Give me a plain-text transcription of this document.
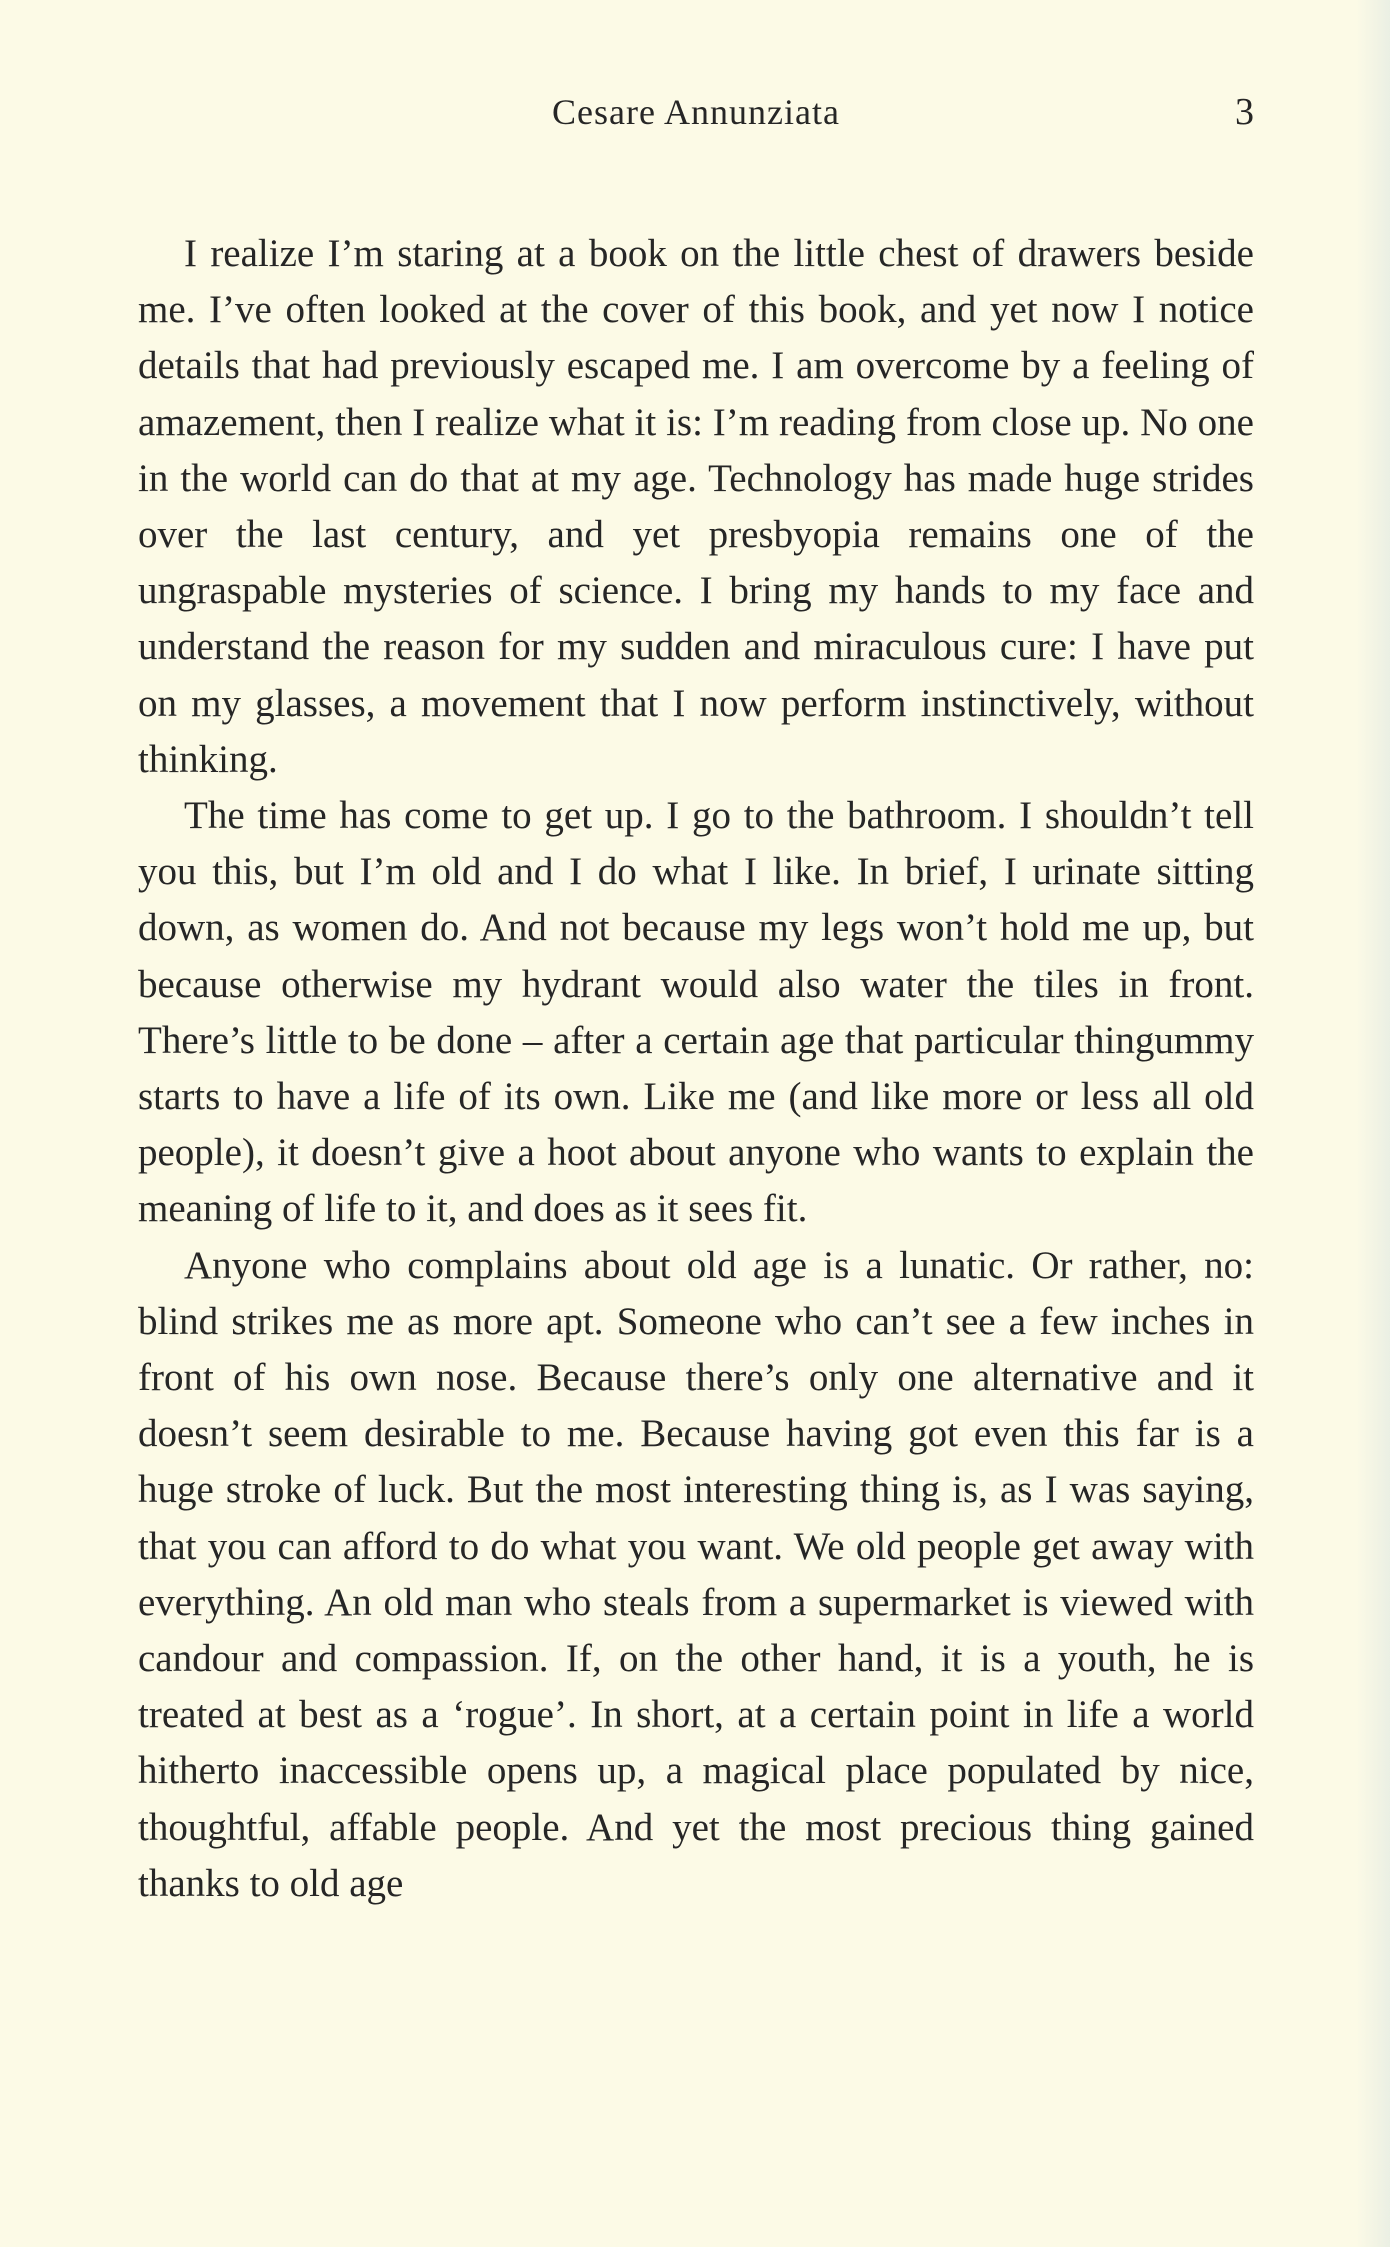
Cesare Annunziata	3

I realize I’m staring at a book on the little chest of drawers beside me. I’ve often looked at the cover of this book, and yet now I notice details that had previously escaped me. I am overcome by a feeling of amazement, then I realize what it is: I’m reading from close up. No one in the world can do that at my age. Technology has made huge strides over the last century, and yet presbyopia remains one of the ungraspable mysteries of science. I bring my hands to my face and understand the reason for my sudden and miraculous cure: I have put on my glasses, a movement that I now perform instinctively, without thinking.

The time has come to get up. I go to the bathroom. I shouldn’t tell you this, but I’m old and I do what I like. In brief, I urinate sitting down, as women do. And not because my legs won’t hold me up, but because otherwise my hydrant would also water the tiles in front. There’s little to be done – after a certain age that particular thingummy starts to have a life of its own. Like me (and like more or less all old people), it doesn’t give a hoot about anyone who wants to explain the meaning of life to it, and does as it sees fit.

Anyone who complains about old age is a lunatic. Or rather, no: blind strikes me as more apt. Someone who can’t see a few inches in front of his own nose. Because there’s only one alternative and it doesn’t seem desirable to me. Because having got even this far is a huge stroke of luck. But the most interesting thing is, as I was saying, that you can afford to do what you want. We old people get away with everything. An old man who steals from a supermarket is viewed with candour and compassion. If, on the other hand, it is a youth, he is treated at best as a ‘rogue’. In short, at a certain point in life a world hitherto inaccessible opens up, a magical place populated by nice, thoughtful, affable people. And yet the most precious thing gained thanks to old age
